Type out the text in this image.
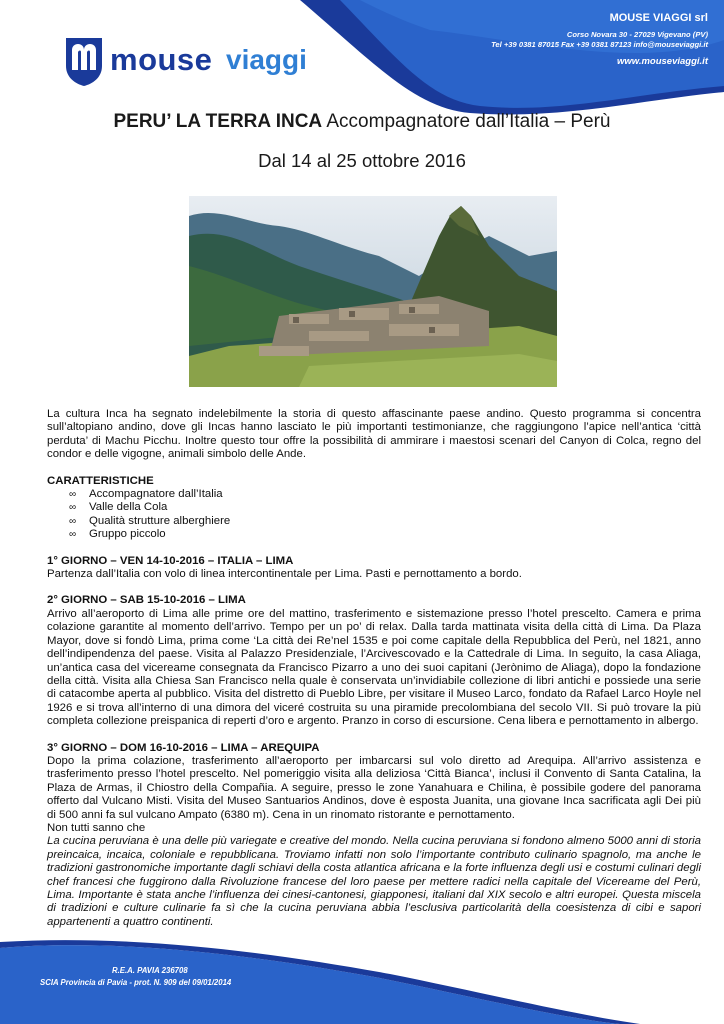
mouse viaggi
MOUSE VIAGGI srl
Corso Novara 30 - 27029 Vigevano (PV)
Tel +39 0381 87015 Fax +39 0381 87123 info@mouseviaggi.it
www.mouseviaggi.it
PERU’ LA TERRA INCA Accompagnatore dall’Italia – Perù
Dal 14 al 25 ottobre 2016

La cultura Inca ha segnato indelebilmente la storia di questo affascinante paese andino. Questo programma si concentra sull’altopiano andino, dove gli Incas hanno lasciato le più importanti testimonianze, che raggiungono l’apice nell’antica ‘città perduta’ di Machu Picchu. Inoltre questo tour offre la possibilità di ammirare i maestosi scenari del Canyon di Colca, regno del condor e delle vigogne, animali simbolo delle Ande.

CARATTERISTICHE
∞ Accompagnatore dall’Italia
∞ Valle della Cola
∞ Qualità strutture alberghiere
∞ Gruppo piccolo
1° GIORNO – VEN 14-10-2016 – ITALIA – LIMA

Partenza dall’Italia con volo di linea intercontinentale per Lima. Pasti e pernottamento a bordo.

2° GIORNO – SAB 15-10-2016 – LIMA

Arrivo all’aeroporto di Lima alle prime ore del mattino, trasferimento e sistemazione presso l’hotel prescelto. Camera e prima colazione garantite al momento dell’arrivo. Tempo per un po’ di relax. Dalla tarda mattinata visita della città di Lima. Da Plaza Mayor, dove si fondò Lima, prima come ‘La città dei Re’nel 1535 e poi come capitale della Repubblica del Perù, nel 1821, anno dell’indipendenza del paese. Visita al Palazzo Presidenziale, l’Arcivescovado e la Cattedrale di Lima. In seguito, la casa Aliaga, un’antica casa del vicereame consegnata da Francisco Pizarro a uno dei suoi capitani (Jerònimo de Aliaga), dopo la fondazione della città. Visita alla Chiesa San Francisco nella quale è conservata un’invidiabile collezione di libri antichi e possiede una serie di catacombe aperta al pubblico. Visita del distretto di Pueblo Libre, per visitare il Museo Larco, fondato da Rafael Larco Hoyle nel 1926 e si trova all’interno di una dimora del viceré costruita su una piramide precolombiana del secolo VII. Si può trovare la più completa collezione preispanica di reperti d’oro e argento. Pranzo in corso di escursione. Cena libera e pernottamento in albergo.

3° GIORNO – DOM 16-10-2016 – LIMA – AREQUIPA

Dopo la prima colazione, trasferimento all’aeroporto per imbarcarsi sul volo diretto ad Arequipa. All’arrivo assistenza e trasferimento presso l’hotel prescelto. Nel pomeriggio visita alla deliziosa ‘Città Bianca’, inclusi il Convento di Santa Catalina, la Plaza de Armas, il Chiostro della Compañia. A seguire, presso le zone Yanahuara e Chilina, è possibile godere del panorama offerto dal Vulcano Misti. Visita del Museo Santuarios Andinos, dove è esposta Juanita, una giovane Inca sacrificata agli Dei più di 500 anni fa sul vulcano Ampato (6380 m). Cena in un rinomato ristorante e pernottamento.

Non tutti sanno che

La cucina peruviana è una delle più variegate e creative del mondo. Nella cucina peruviana si fondono almeno 5000 anni di storia preincaica, incaica, coloniale e repubblicana. Troviamo infatti non solo l’importante contributo culinario spagnolo, ma anche le tradizioni gastronomiche importante dagli schiavi della costa atlantica africana e la forte influenza degli usi e costumi culinari degli chef francesi che fuggirono dalla Rivoluzione francese del loro paese per mettere radici nella capitale del Vicereame del Perù, Lima. Importante è stata anche l’influenza dei cinesi-cantonesi, giapponesi, italiani dal XIX secolo e altri europei. Questa miscela di tradizioni e culture culinarie fa sì che la cucina peruviana abbia l’esclusiva particolarità della coesistenza di cibi e sapori appartenenti a quattro continenti.

R.E.A. PAVIA 236708
SCIA Provincia di Pavia - prot. N. 909 del 09/01/2014
